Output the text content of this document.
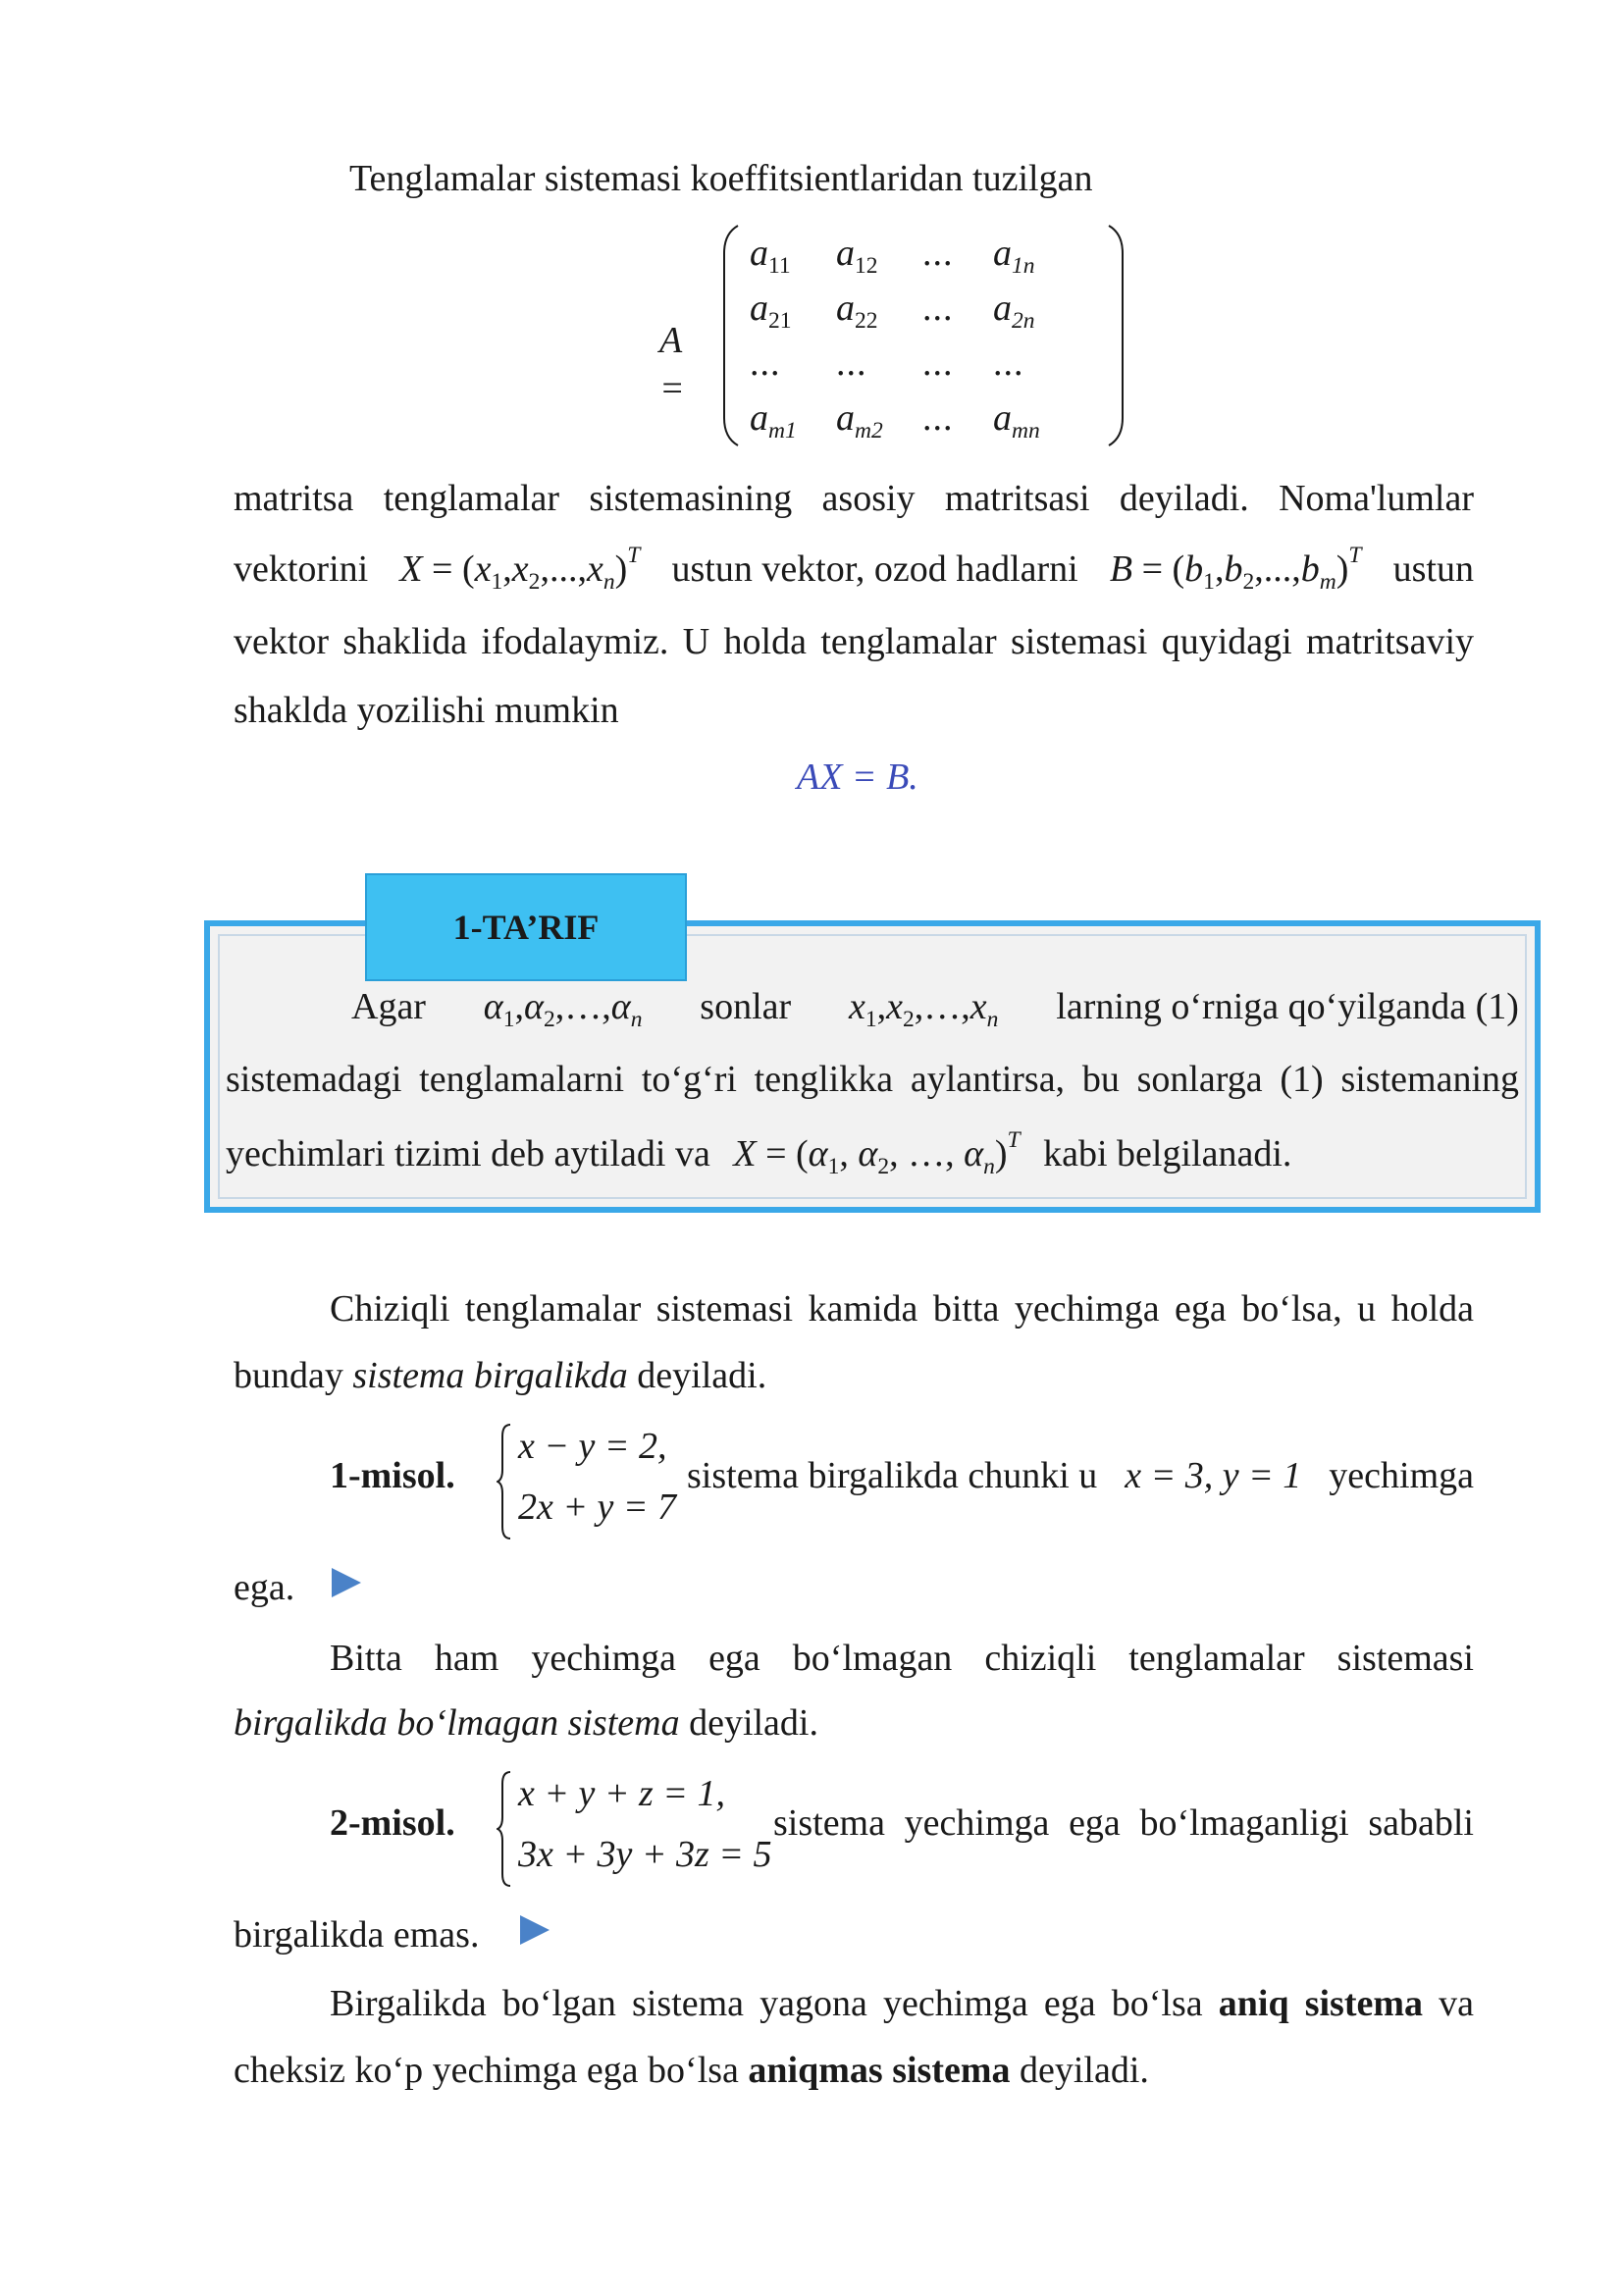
Tenglamalar sistemasi koeffitsientlaridan tuzilgan
A =
$a_{11}$	$a_{12}$	...	$a_{1n}$
$a_{21}$	$a_{22}$	...	$a_{2n}$
...	...	...	...
$a_{m1}$	$a_{m2}$	...	$a_{mn}$
matritsa tenglamalar sistemasining asosiy matritsasi deyiladi. Noma'lumlar
vektorini $X = (x_1,x_2,...,x_n)^T$ ustun vektor, ozod hadlarni $B = (b_1,b_2,...,b_m)^T$ ustun
vektor shaklida ifodalaymiz. U holda tenglamalar sistemasi quyidagi matritsaviy
shaklda yozilishi mumkin
AX = B.
1-TA’RIF
Agar $\alpha_1,\alpha_2,\dots,\alpha_n$ sonlar $x_1,x_2,\dots,x_n$ larning o‘rniga qo‘yilganda (1)
sistemadagi tenglamalarni to‘g‘ri tenglikka aylantirsa, bu sonlarga (1) sistemaning
yechimlari tizimi deb aytiladi va $X = (\alpha_1$, $\alpha_2$, …, $\alpha_n)^T$ kabi belgilanadi.
Chiziqli tenglamalar sistemasi kamida bitta yechimga ega bo‘lsa, u holda
bunday sistema birgalikda deyiladi.
1-misol.
x − y = 2,
2x + y = 7
sistema birgalikda chunki u x = 3, y = 1 yechimga
ega.
Bitta ham yechimga ega bo‘lmagan chiziqli tenglamalar sistemasi
birgalikda bo‘lmagan sistema deyiladi.
2-misol.
x + y + z = 1,
3x + 3y + 3z = 5
sistema yechimga ega bo‘lmaganligi sababli
birgalikda emas.
Birgalikda bo‘lgan sistema yagona yechimga ega bo‘lsa aniq sistema va
cheksiz ko‘p yechimga ega bo‘lsa aniqmas sistema deyiladi.
